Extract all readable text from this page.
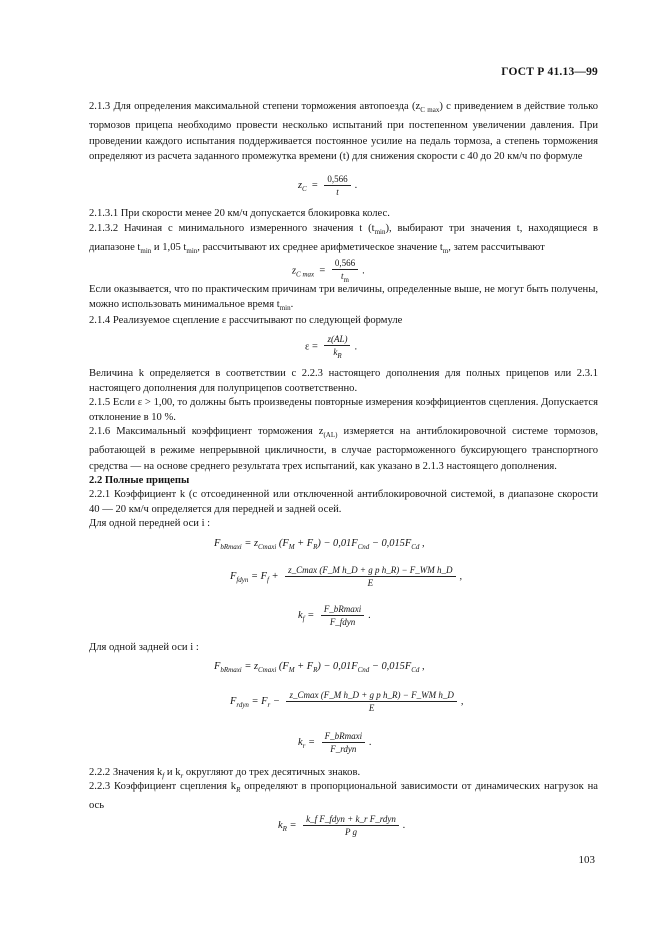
ГОСТ Р 41.13—99
2.1.3 Для определения максимальной степени торможения автопоезда $(z_{C max})$ с приведением в действие только тормозов прицепа необходимо провести несколько испытаний при постепенном увеличении давления. При проведении каждого испытания поддерживается постоянное усилие на педаль тормоза, а степень торможения определяют из расчета заданного промежутка времени (t) для снижения скорости с 40 до 20 км/ч по формуле
$z_C = \frac{0,566}{t}$ .
2.1.3.1 При скорости менее 20 км/ч допускается блокировка колес.
2.1.3.2 Начиная с минимального измеренного значения t $(t_{min})$, выбирают три значения t, находящиеся в диапазоне $t_{min}$ и 1,05 $t_{min}$, рассчитывают их среднее арифметическое значение $t_m$, затем рассчитывают
$z_{C max} = \frac{0,566}{t_m}$ .
Если оказывается, что по практическим причинам три величины, определенные выше, не могут быть получены, можно использовать минимальное время $t_{min}$.
2.1.4 Реализуемое сцепление ε рассчитывают по следующей формуле
$\varepsilon = \frac{z(AL)}{k_R}$ .
Величина k определяется в соответствии с 2.2.3 настоящего дополнения для полных прицепов или 2.3.1 настоящего дополнения для полуприцепов соответственно.
2.1.5 Если ε > 1,00, то должны быть произведены повторные измерения коэффициентов сцепления. Допускается отклонение в 10 %.
2.1.6 Максимальный коэффициент торможения $z_{(AL)}$ измеряется на антиблокировочной системе тормозов, работающей в режиме непрерывной цикличности, в случае расторможенного буксирующего транспортного средства — на основе среднего результата трех испытаний, как указано в 2.1.3 настоящего дополнения.
2.2 Полные прицепы
2.2.1 Коэффициент k (с отсоединенной или отключенной антиблокировочной системой, в диапазоне скорости 40 — 20 км/ч определяется для передней и задней осей.
Для одной передней оси i :
$F_{bRmaxi} = z_{Cmaxi}$ $(F_M + F_R) - 0,01F_{Cnd} - 0,015F_{Cd}$ ,
$F_{fdyn} = F_f + \frac{\text{z\_Cmax (F\_M h\_D + g p h\_R) − F\_WM h\_D}}{E}$ ,
$k_f = \frac{F\_bRmaxi}{\text{F\_fdyn}}$ .
Для одной задней оси i :
$F_{bRmaxi} = z_{Cmaxi}$ $(F_M + F_R) - 0,01F_{Cnd} - 0,015F_{Cd}$ ,
$F_{rdyn} = F_r - \frac{\text{z\_Cmax (F\_M h\_D + g p h\_R) − F\_WM h\_D}}{E}$ ,
$k_r = \frac{F\_bRmaxi}{\text{F\_rdyn}}$ .
2.2.2 Значения $k_f$ и $k_r$ округляют до трех десятичных знаков.
2.2.3 Коэффициент сцепления $k_R$ определяют в пропорциональной зависимости от динамических нагрузок на ось
$k_R = \frac{\text{k\_f F\_fdyn + k\_r F\_rdyn}}{\text{P g}}$ .
103
